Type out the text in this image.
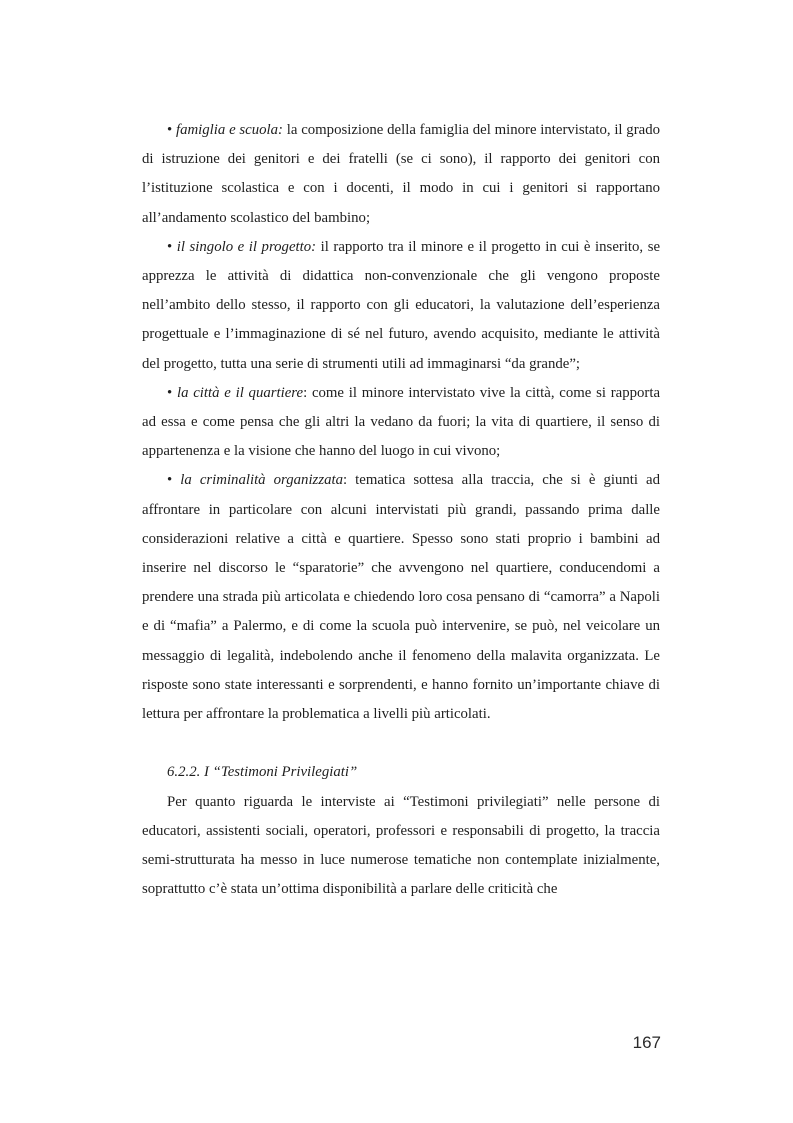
• famiglia e scuola: la composizione della famiglia del minore intervistato, il grado di istruzione dei genitori e dei fratelli (se ci sono), il rapporto dei genitori con l’istituzione scolastica e con i docenti, il modo in cui i genitori si rapportano all’andamento scolastico del bambino;

• il singolo e il progetto: il rapporto tra il minore e il progetto in cui è inserito, se apprezza le attività di didattica non-convenzionale che gli vengono proposte nell’ambito dello stesso, il rapporto con gli educatori, la valutazione dell’esperienza progettuale e l’immaginazione di sé nel futuro, avendo acquisito, mediante le attività del progetto, tutta una serie di strumenti utili ad immaginarsi “da grande”;

• la città e il quartiere: come il minore intervistato vive la città, come si rapporta ad essa e come pensa che gli altri la vedano da fuori; la vita di quartiere, il senso di appartenenza e la visione che hanno del luogo in cui vivono;

• la criminalità organizzata: tematica sottesa alla traccia, che si è giunti ad affrontare in particolare con alcuni intervistati più grandi, passando prima dalle considerazioni relative a città e quartiere. Spesso sono stati proprio i bambini ad inserire nel discorso le “sparatorie” che avvengono nel quartiere, conducendomi a prendere una strada più articolata e chiedendo loro cosa pensano di “camorra” a Napoli e di “mafia” a Palermo, e di come la scuola può intervenire, se può, nel veicolare un messaggio di legalità, indebolendo anche il fenomeno della malavita organizzata. Le risposte sono state interessanti e sorprendenti, e hanno fornito un’importante chiave di lettura per affrontare la problematica a livelli più articolati.

6.2.2. I “Testimoni Privilegiati”

Per quanto riguarda le interviste ai “Testimoni privilegiati” nelle persone di educatori, assistenti sociali, operatori, professori e responsabili di progetto, la traccia semi-strutturata ha messo in luce numerose tematiche non contemplate inizialmente, soprattutto c’è stata un’ottima disponibilità a parlare delle criticità che

167
